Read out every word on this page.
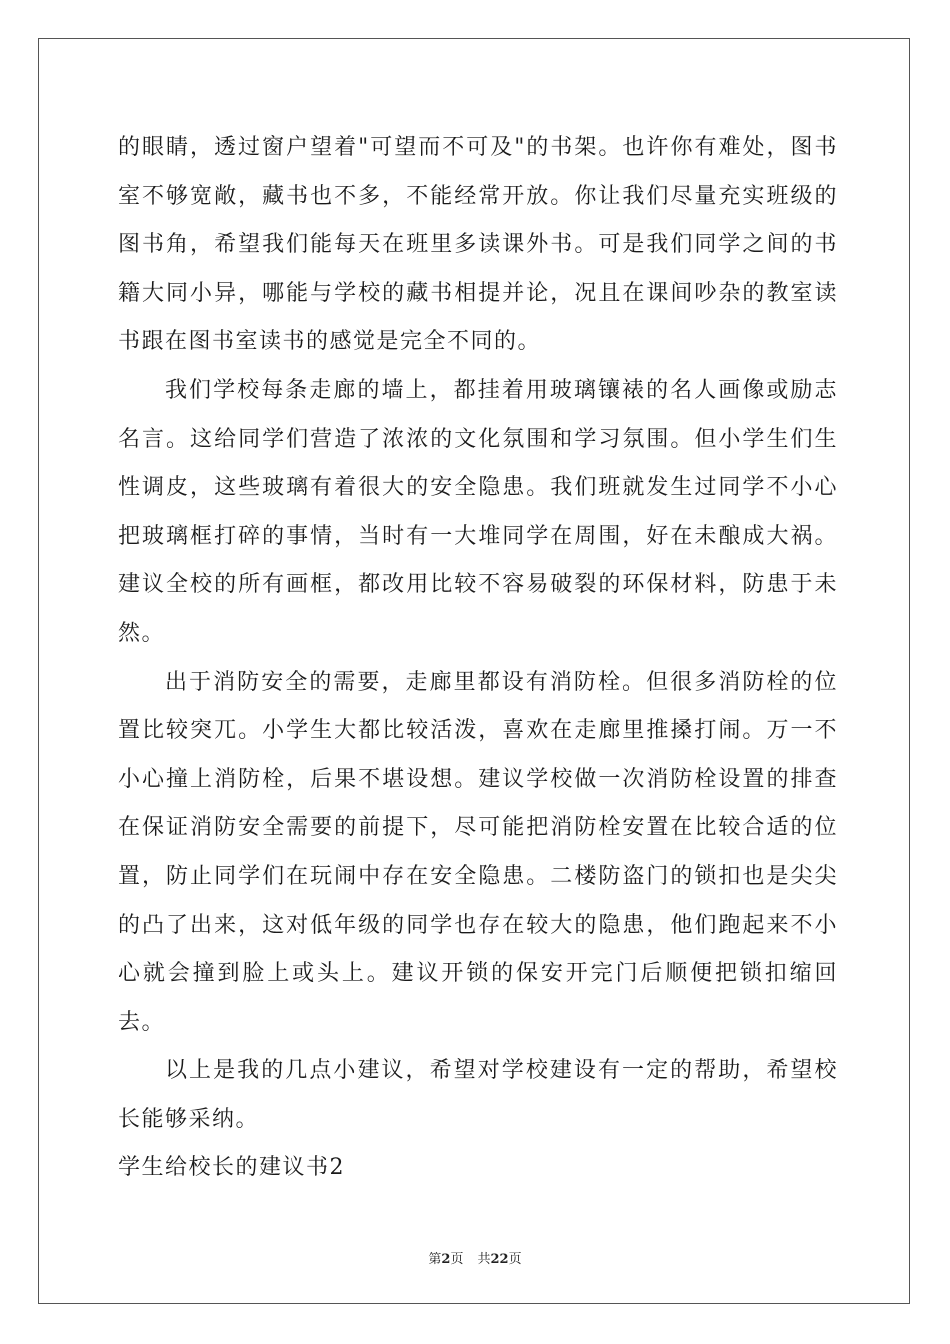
的眼睛，透过窗户望着"可望而不可及"的书架。也许你有难处，图书室不够宽敞，藏书也不多，不能经常开放。你让我们尽量充实班级的图书角，希望我们能每天在班里多读课外书。可是我们同学之间的书籍大同小异，哪能与学校的藏书相提并论，况且在课间吵杂的教室读书跟在图书室读书的感觉是完全不同的。

我们学校每条走廊的墙上，都挂着用玻璃镶裱的名人画像或励志名言。这给同学们营造了浓浓的文化氛围和学习氛围。但小学生们生性调皮，这些玻璃有着很大的安全隐患。我们班就发生过同学不小心把玻璃框打碎的事情，当时有一大堆同学在周围，好在未酿成大祸。建议全校的所有画框，都改用比较不容易破裂的环保材料，防患于未然。

出于消防安全的需要，走廊里都设有消防栓。但很多消防栓的位置比较突兀。小学生大都比较活泼，喜欢在走廊里推搡打闹。万一不小心撞上消防栓，后果不堪设想。建议学校做一次消防栓设置的排查在保证消防安全需要的前提下，尽可能把消防栓安置在比较合适的位置，防止同学们在玩闹中存在安全隐患。二楼防盗门的锁扣也是尖尖的凸了出来，这对低年级的同学也存在较大的隐患，他们跑起来不小心就会撞到脸上或头上。建议开锁的保安开完门后顺便把锁扣缩回去。

以上是我的几点小建议，希望对学校建设有一定的帮助，希望校长能够采纳。

学生给校长的建议书2

第2页 共22页
